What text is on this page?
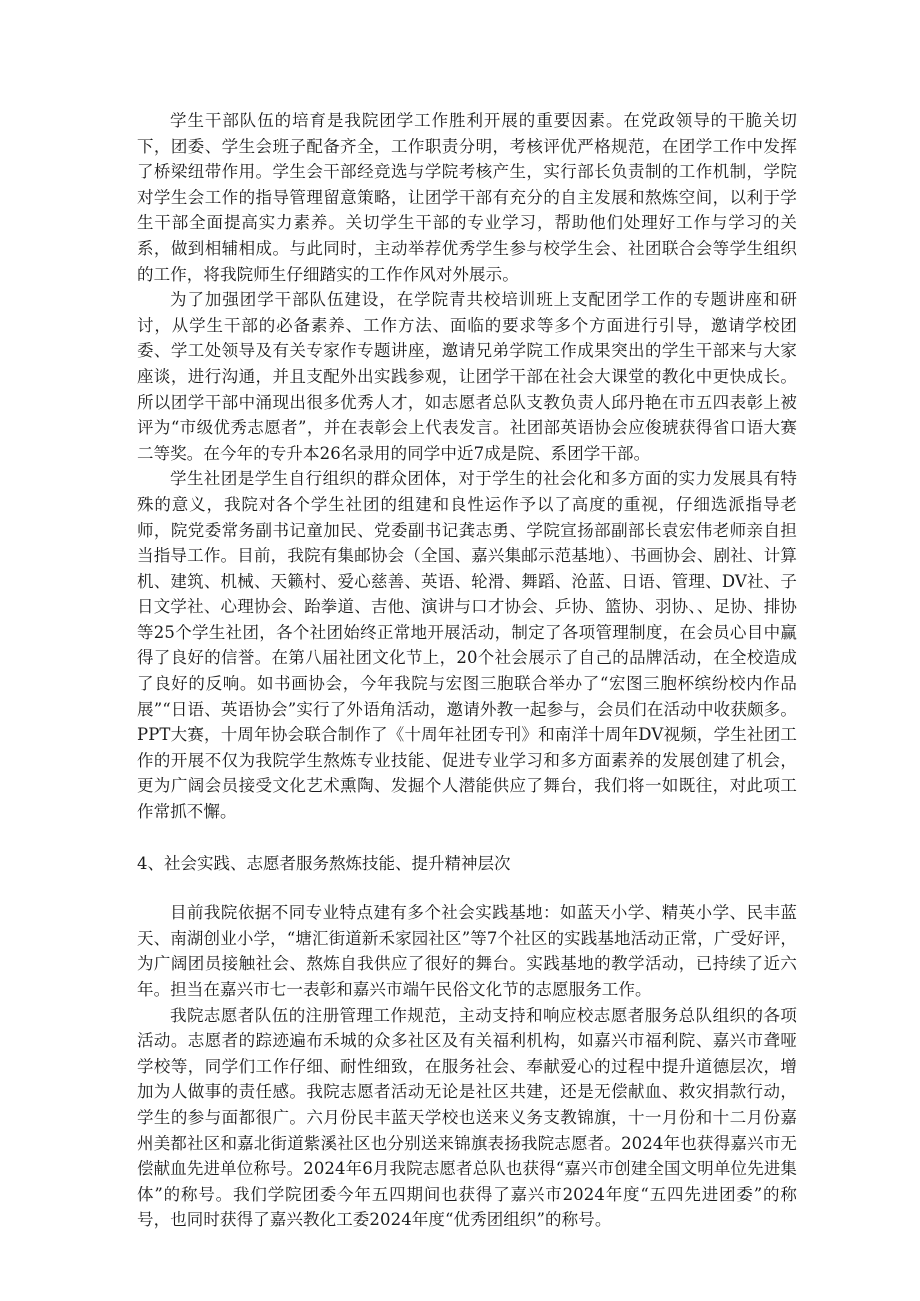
学生干部队伍的培育是我院团学工作胜利开展的重要因素。在党政领导的干脆关切下，团委、学生会班子配备齐全，工作职责分明，考核评优严格规范，在团学工作中发挥了桥梁纽带作用。学生会干部经竞选与学院考核产生，实行部长负责制的工作机制，学院对学生会工作的指导管理留意策略，让团学干部有充分的自主发展和熬炼空间，以利于学生干部全面提高实力素养。关切学生干部的专业学习，帮助他们处理好工作与学习的关系，做到相辅相成。与此同时，主动举荐优秀学生参与校学生会、社团联合会等学生组织的工作，将我院师生仔细踏实的工作作风对外展示。

为了加强团学干部队伍建设，在学院青共校培训班上支配团学工作的专题讲座和研讨，从学生干部的必备素养、工作方法、面临的要求等多个方面进行引导，邀请学校团委、学工处领导及有关专家作专题讲座，邀请兄弟学院工作成果突出的学生干部来与大家座谈，进行沟通，并且支配外出实践参观，让团学干部在社会大课堂的教化中更快成长。所以团学干部中涌现出很多优秀人才，如志愿者总队支教负责人邱丹艳在市五四表彰上被评为“市级优秀志愿者”，并在表彰会上代表发言。社团部英语协会应俊琥获得省口语大赛二等奖。在今年的专升本26名录用的同学中近7成是院、系团学干部。

学生社团是学生自行组织的群众团体，对于学生的社会化和多方面的实力发展具有特殊的意义，我院对各个学生社团的组建和良性运作予以了高度的重视，仔细选派指导老师，院党委常务副书记童加民、党委副书记龚志勇、学院宣扬部副部长袁宏伟老师亲自担当指导工作。目前，我院有集邮协会（全国、嘉兴集邮示范基地）、书画协会、剧社、计算机、建筑、机械、天籁村、爱心慈善、英语、轮滑、舞蹈、沧蓝、日语、管理、DV社、子日文学社、心理协会、跆拳道、吉他、演讲与口才协会、乒协、篮协、羽协、、足协、排协等25个学生社团，各个社团始终正常地开展活动，制定了各项管理制度，在会员心目中赢得了良好的信誉。在第八届社团文化节上，20个社会展示了自己的品牌活动，在全校造成了良好的反响。如书画协会，今年我院与宏图三胞联合举办了“宏图三胞杯缤纷校内作品展”“日语、英语协会”实行了外语角活动，邀请外教一起参与，会员们在活动中收获颇多。PPT大赛，十周年协会联合制作了《十周年社团专刊》和南洋十周年DV视频，学生社团工作的开展不仅为我院学生熬炼专业技能、促进专业学习和多方面素养的发展创建了机会，更为广阔会员接受文化艺术熏陶、发掘个人潜能供应了舞台，我们将一如既往，对此项工作常抓不懈。

4、社会实践、志愿者服务熬炼技能、提升精神层次

目前我院依据不同专业特点建有多个社会实践基地：如蓝天小学、精英小学、民丰蓝天、南湖创业小学，“塘汇街道新禾家园社区”等7个社区的实践基地活动正常，广受好评，为广阔团员接触社会、熬炼自我供应了很好的舞台。实践基地的教学活动，已持续了近六年。担当在嘉兴市七一表彰和嘉兴市端午民俗文化节的志愿服务工作。

我院志愿者队伍的注册管理工作规范，主动支持和响应校志愿者服务总队组织的各项活动。志愿者的踪迹遍布禾城的众多社区及有关福利机构，如嘉兴市福利院、嘉兴市聋哑学校等，同学们工作仔细、耐性细致，在服务社会、奉献爱心的过程中提升道德层次，增加为人做事的责任感。我院志愿者活动无论是社区共建，还是无偿献血、救灾捐款行动，学生的参与面都很广。六月份民丰蓝天学校也送来义务支教锦旗，十一月份和十二月份嘉州美都社区和嘉北街道紫溪社区也分别送来锦旗表扬我院志愿者。2024年也获得嘉兴市无偿献血先进单位称号。2024年6月我院志愿者总队也获得“嘉兴市创建全国文明单位先进集体”的称号。我们学院团委今年五四期间也获得了嘉兴市2024年度“五四先进团委”的称号，也同时获得了嘉兴教化工委2024年度“优秀团组织”的称号。
